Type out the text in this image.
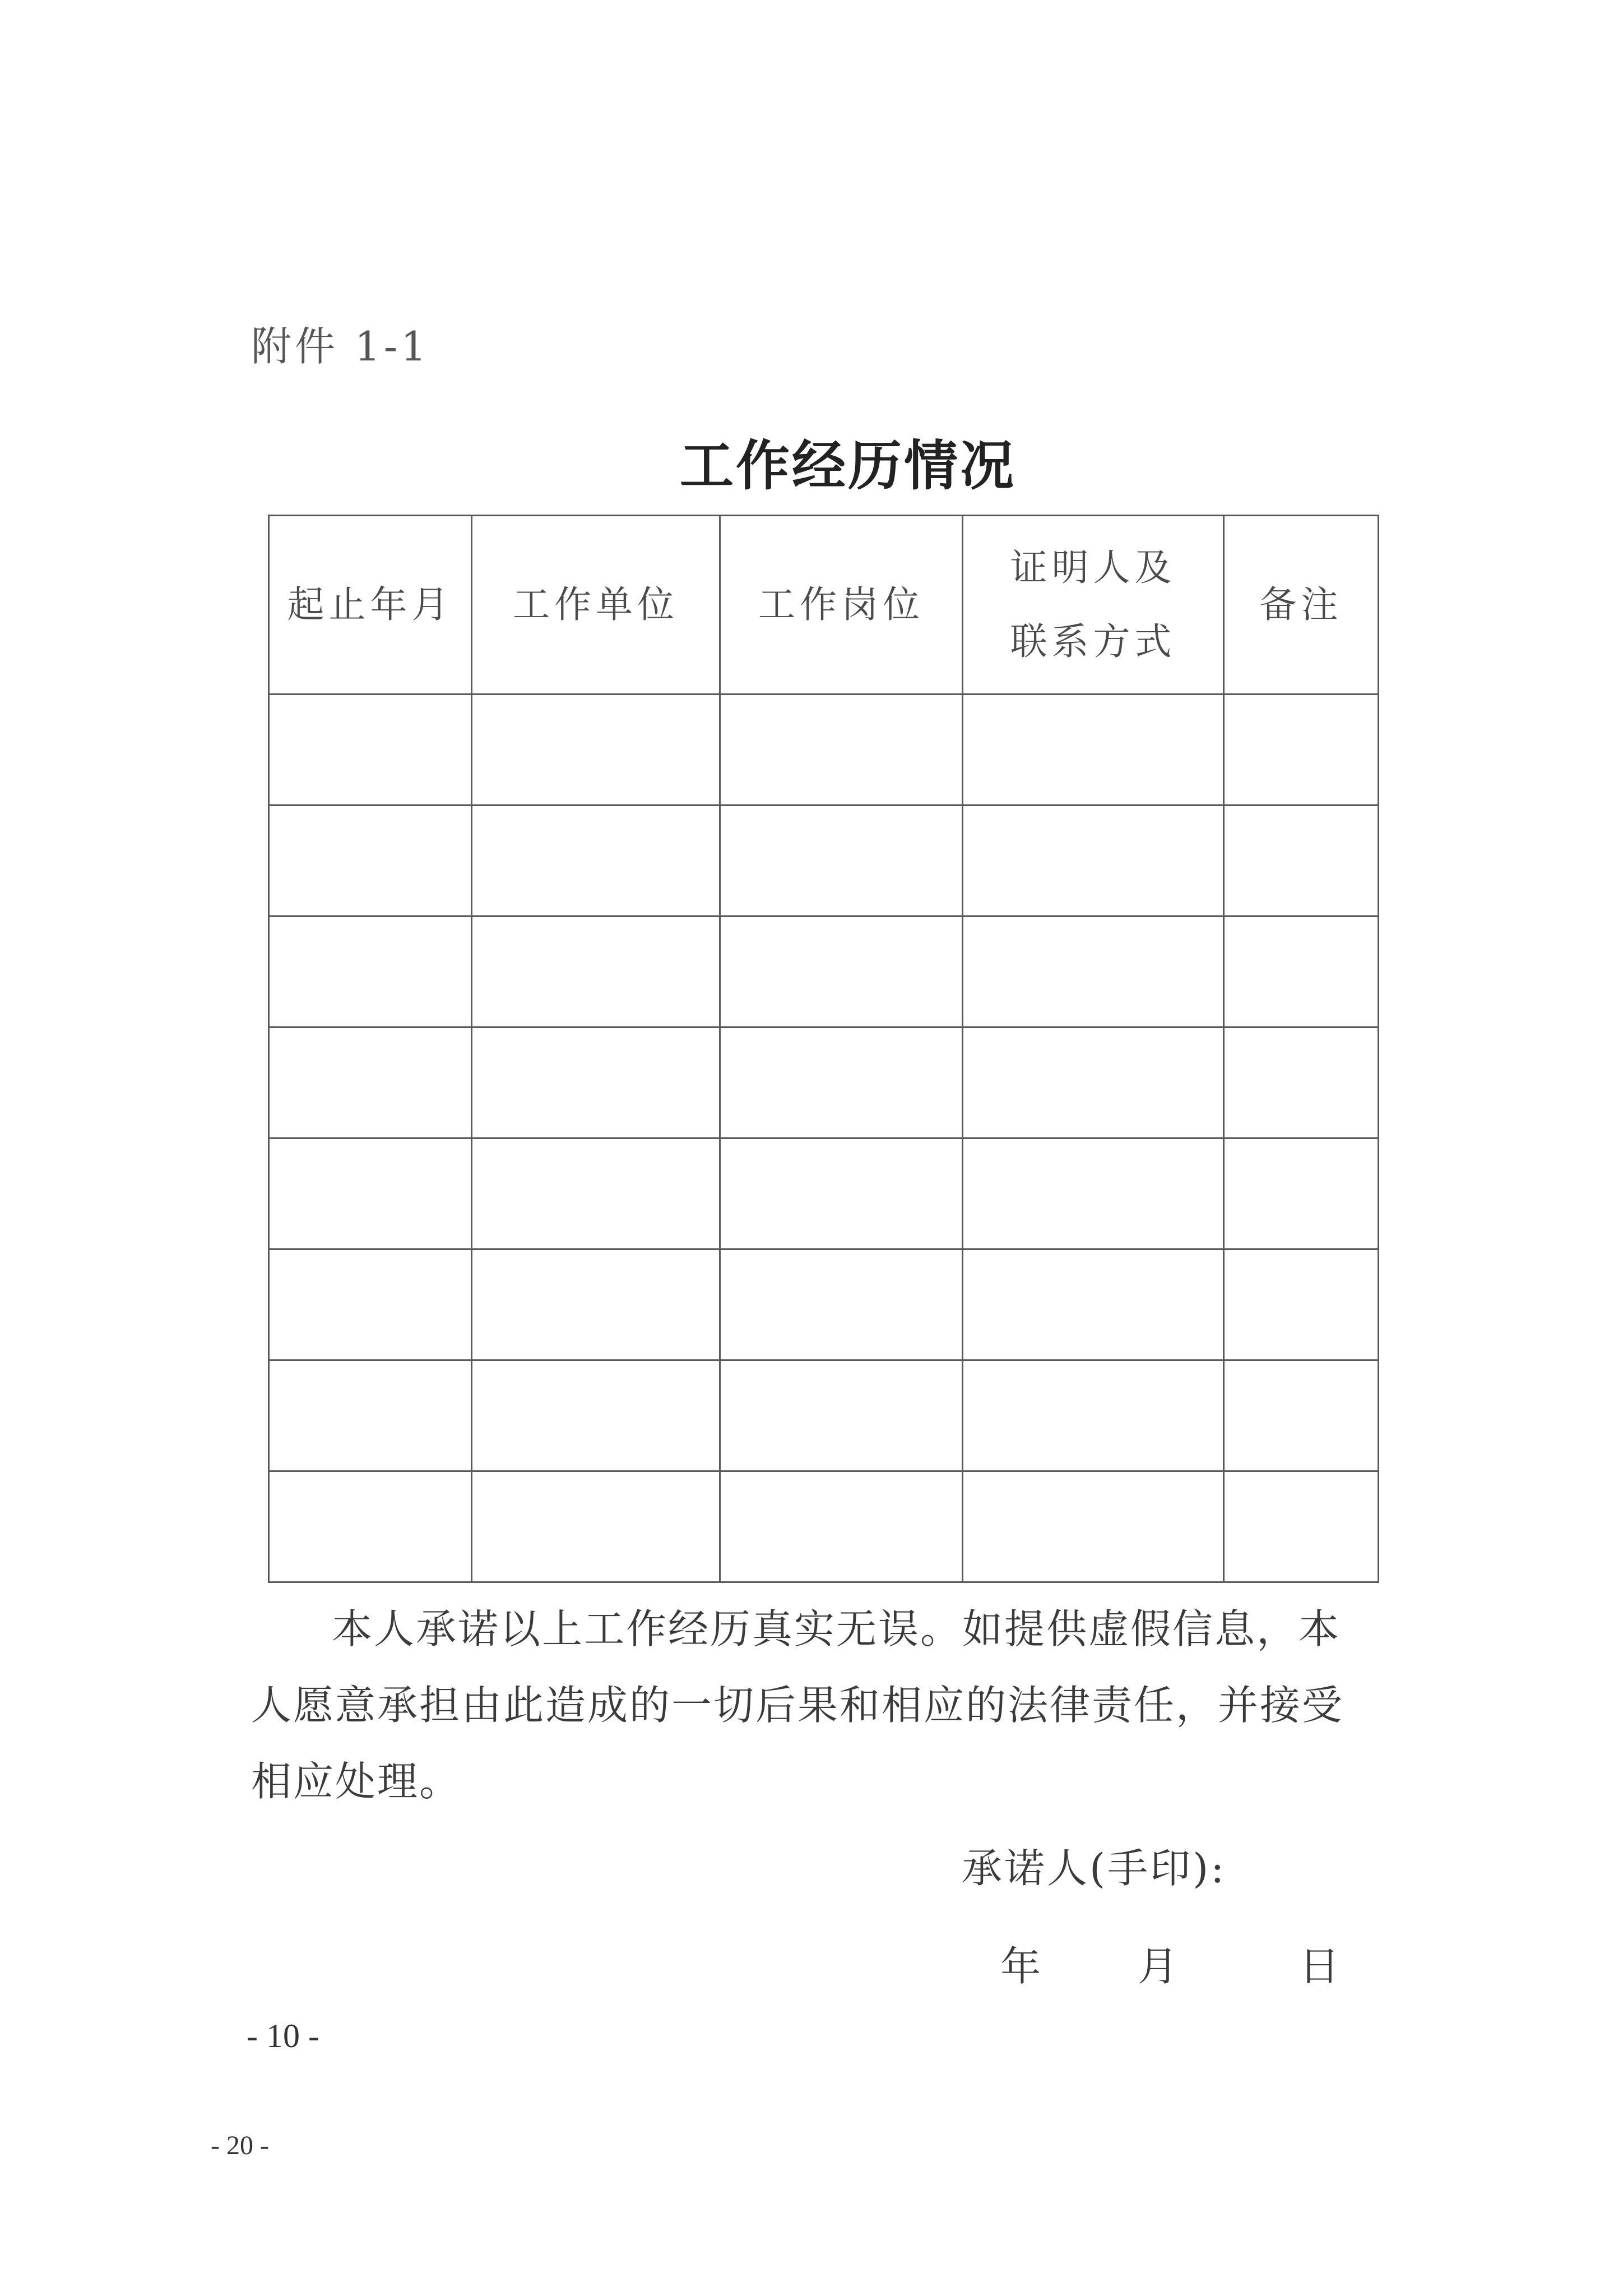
附件 1-1
工作经历情况
起止年月	工作单位	工作岗位	证明人及联系方式	备注

本人承诺以上工作经历真实无误。如提供虚假信息，本人愿意承担由此造成的一切后果和相应的法律责任，并接受相应处理。
承诺人(手印):
年 月	日
- 10 -
- 20 -
